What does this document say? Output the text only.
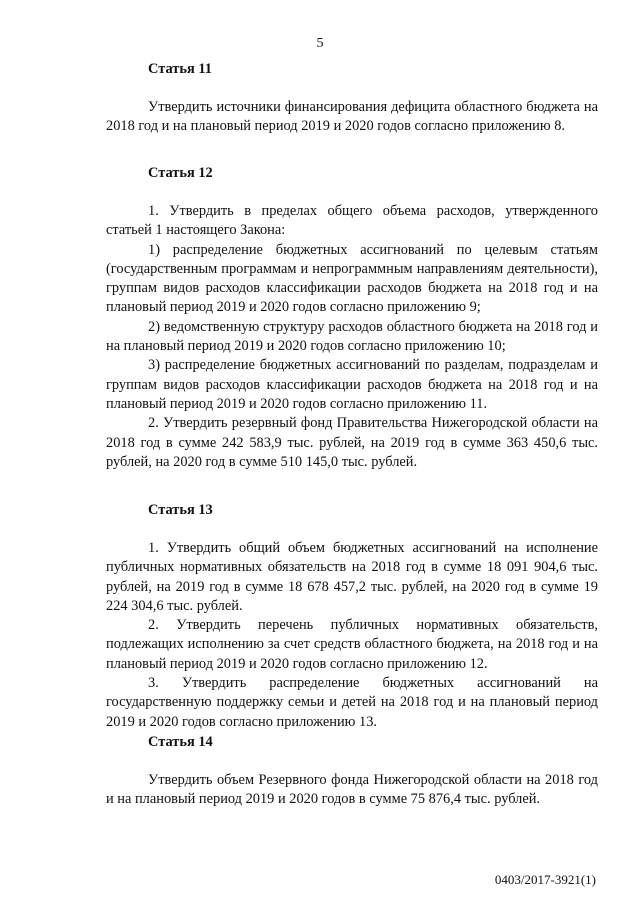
5
Статья 11

Утвердить источники финансирования дефицита областного бюджета на 2018 год и на плановый период 2019 и 2020 годов согласно приложению 8.

Статья 12

1. Утвердить в пределах общего объема расходов, утвержденного статьей 1 настоящего Закона:

1) распределение бюджетных ассигнований по целевым статьям (государственным программам и непрограммным направлениям деятельности), группам видов расходов классификации расходов бюджета на 2018 год и на плановый период 2019 и 2020 годов согласно приложению 9;

2) ведомственную структуру расходов областного бюджета на 2018 год и на плановый период 2019 и 2020 годов согласно приложению 10;

3) распределение бюджетных ассигнований по разделам, подразделам и группам видов расходов классификации расходов бюджета на 2018 год и на плановый период 2019 и 2020 годов согласно приложению 11.

2. Утвердить резервный фонд Правительства Нижегородской области на 2018 год в сумме 242 583,9 тыс. рублей, на 2019 год в сумме 363 450,6 тыс. рублей, на 2020 год в сумме 510 145,0 тыс. рублей.

Статья 13

1. Утвердить общий объем бюджетных ассигнований на исполнение публичных нормативных обязательств на 2018 год в сумме 18 091 904,6 тыс. рублей, на 2019 год в сумме 18 678 457,2 тыс. рублей, на 2020 год в сумме 19 224 304,6 тыс. рублей.

2. Утвердить перечень публичных нормативных обязательств, подлежащих исполнению за счет средств областного бюджета, на 2018 год и на плановый период 2019 и 2020 годов согласно приложению 12.

3. Утвердить распределение бюджетных ассигнований на государственную поддержку семьи и детей на 2018 год и на плановый период 2019 и 2020 годов согласно приложению 13.

Статья 14

Утвердить объем Резервного фонда Нижегородской области на 2018 год и на плановый период 2019 и 2020 годов в сумме 75 876,4 тыс. рублей.

0403/2017-3921(1)
